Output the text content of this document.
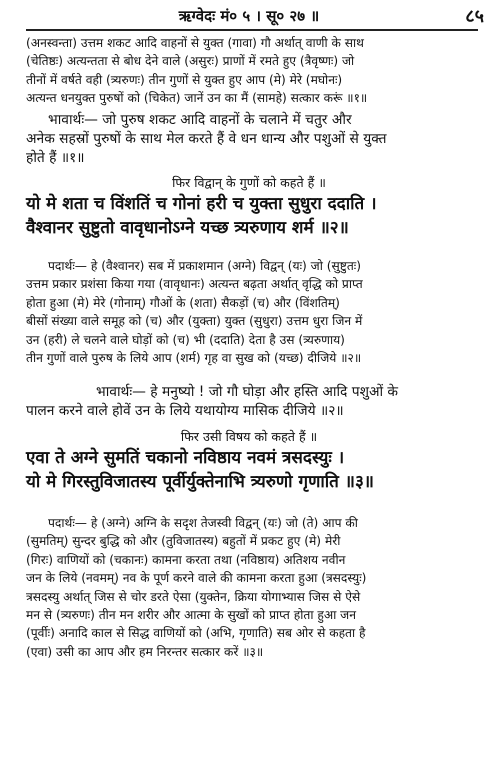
ऋग्वेदः मं० ५ । सू० २७ ॥	८५

(अनस्वन्ता) उत्तम शकट आदि वाहनों से युक्त (गावा) गौ अर्थात् वाणी के साथ

(चेतिष्ठः) अत्यन्तता से बोध देने वाले (असुरः) प्राणों में रमते हुए (त्रैवृष्णः) जो

तीनों में वर्षते वही (त्र्यरुणः) तीन गुणों से युक्त हुए आप (मे) मेरे (मघोनः)

अत्यन्त धनयुक्त पुरुषों को (चिकेत) जानें उन का मैं (सामहे) सत्कार करूं ॥१॥

भावार्थः— जो पुरुष शकट आदि वाहनों के चलाने में चतुर और

अनेक सहस्रों पुरुषों के साथ मेल करते हैं वे धन धान्य और पशुओं से युक्त

होते हैं ॥१॥

फिर विद्वान् के गुणों को कहते हैं ॥

यो मे शता च विंशतिं च गोनां हरी च युक्ता सुधुरा ददाति ।

वैश्वानर सुष्टुतो वावृधानोऽग्ने यच्छ त्र्यरुणाय शर्म ॥२॥

पदार्थः— हे (वैश्वानर) सब में प्रकाशमान (अग्ने) विद्वन् (यः) जो (सुष्टुतः)

उत्तम प्रकार प्रशंसा किया गया (वावृधानः) अत्यन्त बढ़ता अर्थात् वृद्धि को प्राप्त

होता हुआ (मे) मेरे (गोनाम्) गौओं के (शता) सैकड़ों (च) और (विंशतिम्)

बीसों संख्या वाले समूह को (च) और (युक्ता) युक्त (सुधुरा) उत्तम धुरा जिन में

उन (हरी) ले चलने वाले घोड़ों को (च) भी (ददाति) देता है उस (त्र्यरुणाय)

तीन गुणों वाले पुरुष के लिये आप (शर्म) गृह वा सुख को (यच्छ) दीजिये ॥२॥

भावार्थः— हे मनुष्यो ! जो गौ घोड़ा और हस्ति आदि पशुओं के

पालन करने वाले होवें उन के लिये यथायोग्य मासिक दीजिये ॥२॥

फिर उसी विषय को कहते हैं ॥

एवा ते अग्ने सुमतिं चकानो नविष्ठाय नवमं त्रसदस्युः ।

यो मे गिरस्तुविजातस्य पूर्वीर्युक्तेनाभि त्र्यरुणो गृणाति ॥३॥

पदार्थः— हे (अग्ने) अग्नि के सदृश तेजस्वी विद्वन् (यः) जो (ते) आप की

(सुमतिम्) सुन्दर बुद्धि को और (तुविजातस्य) बहुतों में प्रकट हुए (मे) मेरी

(गिरः) वाणियों को (चकानः) कामना करता तथा (नविष्ठाय) अतिशय नवीन

जन के लिये (नवमम्) नव के पूर्ण करने वाले की कामना करता हुआ (त्रसदस्युः)

त्रसदस्यु अर्थात् जिस से चोर डरते ऐसा (युक्तेन, क्रिया योगाभ्यास जिस से ऐसे

मन से (त्र्यरुणः) तीन मन शरीर और आत्मा के सुखों को प्राप्त होता हुआ जन

(पूर्वीः) अनादि काल से सिद्ध वाणियों को (अभि, गृणाति) सब ओर से कहता है

(एवा) उसी का आप और हम निरन्तर सत्कार करें ॥३॥
